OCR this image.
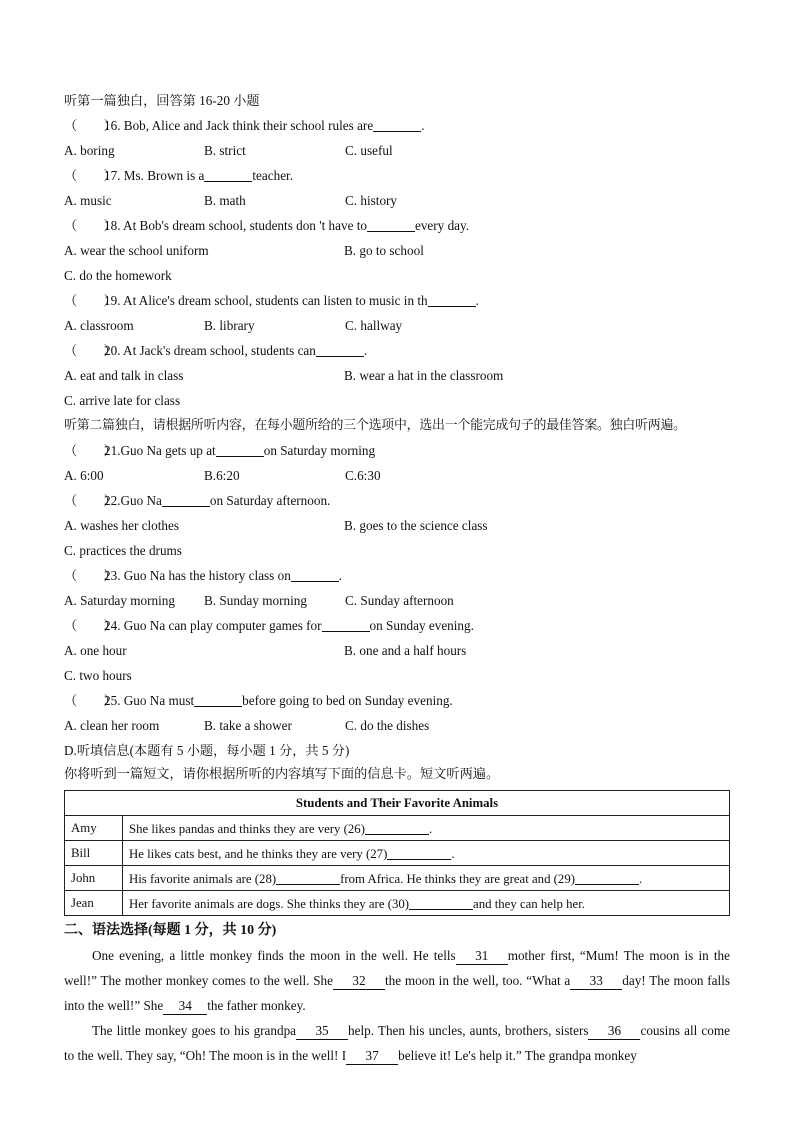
听第一篇独白，回答第 16-20 小题
（　　）16. Bob, Alice and Jack think their school rules are	.
A. boring	B. strict	C. useful
（　　）17. Ms. Brown is a	teacher.
A. music	B. math	C. history
（　　）18. At Bob's dream school, students don 't have to	every day.
A. wear the school uniform	B. go to school
C. do the homework
（　　）19. At Alice's dream school, students can listen to music in th	.
A. classroom	B. library	C. hallway
（　　）20. At Jack's dream school, students can	.
A. eat and talk in class	B. wear a hat in the classroom
C. arrive late for class
听第二篇独白，请根据所听内容，在每小题所给的三个选项中，选出一个能完成句子的最佳答案。独白听两遍。
（　　）21.Guo Na gets up at	on Saturday morning
A. 6:00	B.6:20	C.6:30
（　　）22.Guo Na	on Saturday afternoon.
A. washes her clothes	B. goes to the science class
C. practices the drums
（　　）23. Guo Na has the history class on	.
A. Saturday morning	B. Sunday morning	C. Sunday afternoon
（　　）24. Guo Na can play computer games for	on Sunday evening.
A. one hour	B. one and a half hours
C. two hours
（　　）25. Guo Na must	before going to bed on Sunday evening.
A. clean her room	B. take a shower	C. do the dishes
D.听填信息(本题有 5 小题，每小题 1 分，共 5 分)
你将听到一篇短文，请你根据所听的内容填写下面的信息卡。短文听两遍。
Students and Their Favorite Animals	
Amy	She likes pandas and thinks they are very (26) .
Bill	He likes cats best, and he thinks they are very (27) .
John	His favorite animals are (28) from Africa. He thinks they are great and (29) .
Jean	Her favorite animals are dogs. She thinks they are (30) and they can help her.
二、语法选择(每题 1 分，共 10 分)

One evening, a little monkey finds the moon in the well. He tells 31 mother first, “Mum! The moon is in the well!” The mother monkey comes to the well. She 32 the moon in the well, too. “What a 33 day! The moon falls into the well!” She 34 the father monkey.

The little monkey goes to his grandpa 35 help. Then his uncles, aunts, brothers, sisters 36 cousins all come to the well. They say, “Oh! The moon is in the well! I 37 believe it! Le's help it.” The grandpa monkey
